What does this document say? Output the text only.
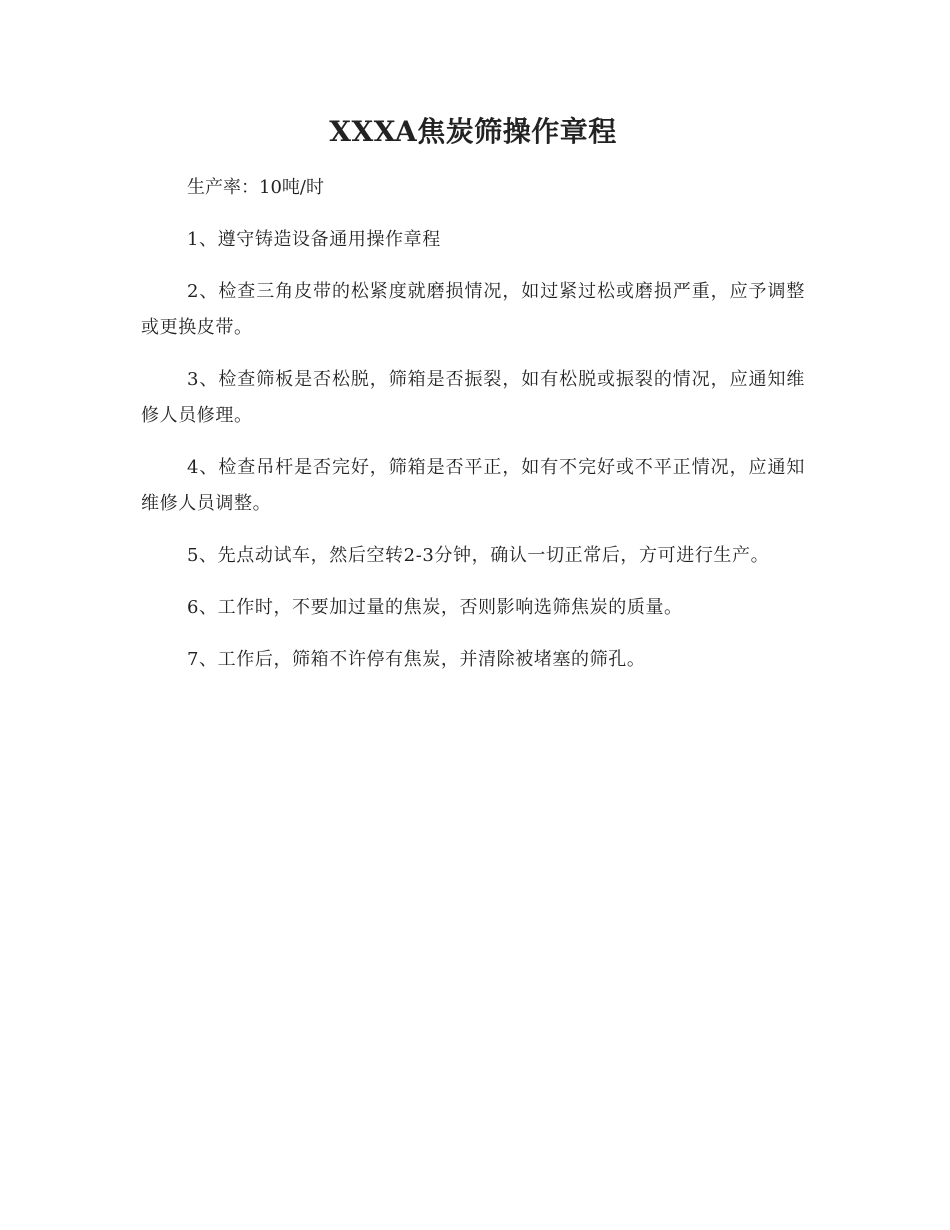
XXXA焦炭筛操作章程

生产率：10吨/时

1、遵守铸造设备通用操作章程

2、检查三角皮带的松紧度就磨损情况，如过紧过松或磨损严重，应予调整或更换皮带。

3、检查筛板是否松脱，筛箱是否振裂，如有松脱或振裂的情况，应通知维修人员修理。

4、检查吊杆是否完好，筛箱是否平正，如有不完好或不平正情况，应通知维修人员调整。

5、先点动试车，然后空转2-3分钟，确认一切正常后，方可进行生产。

6、工作时，不要加过量的焦炭，否则影响选筛焦炭的质量。

7、工作后，筛箱不许停有焦炭，并清除被堵塞的筛孔。
